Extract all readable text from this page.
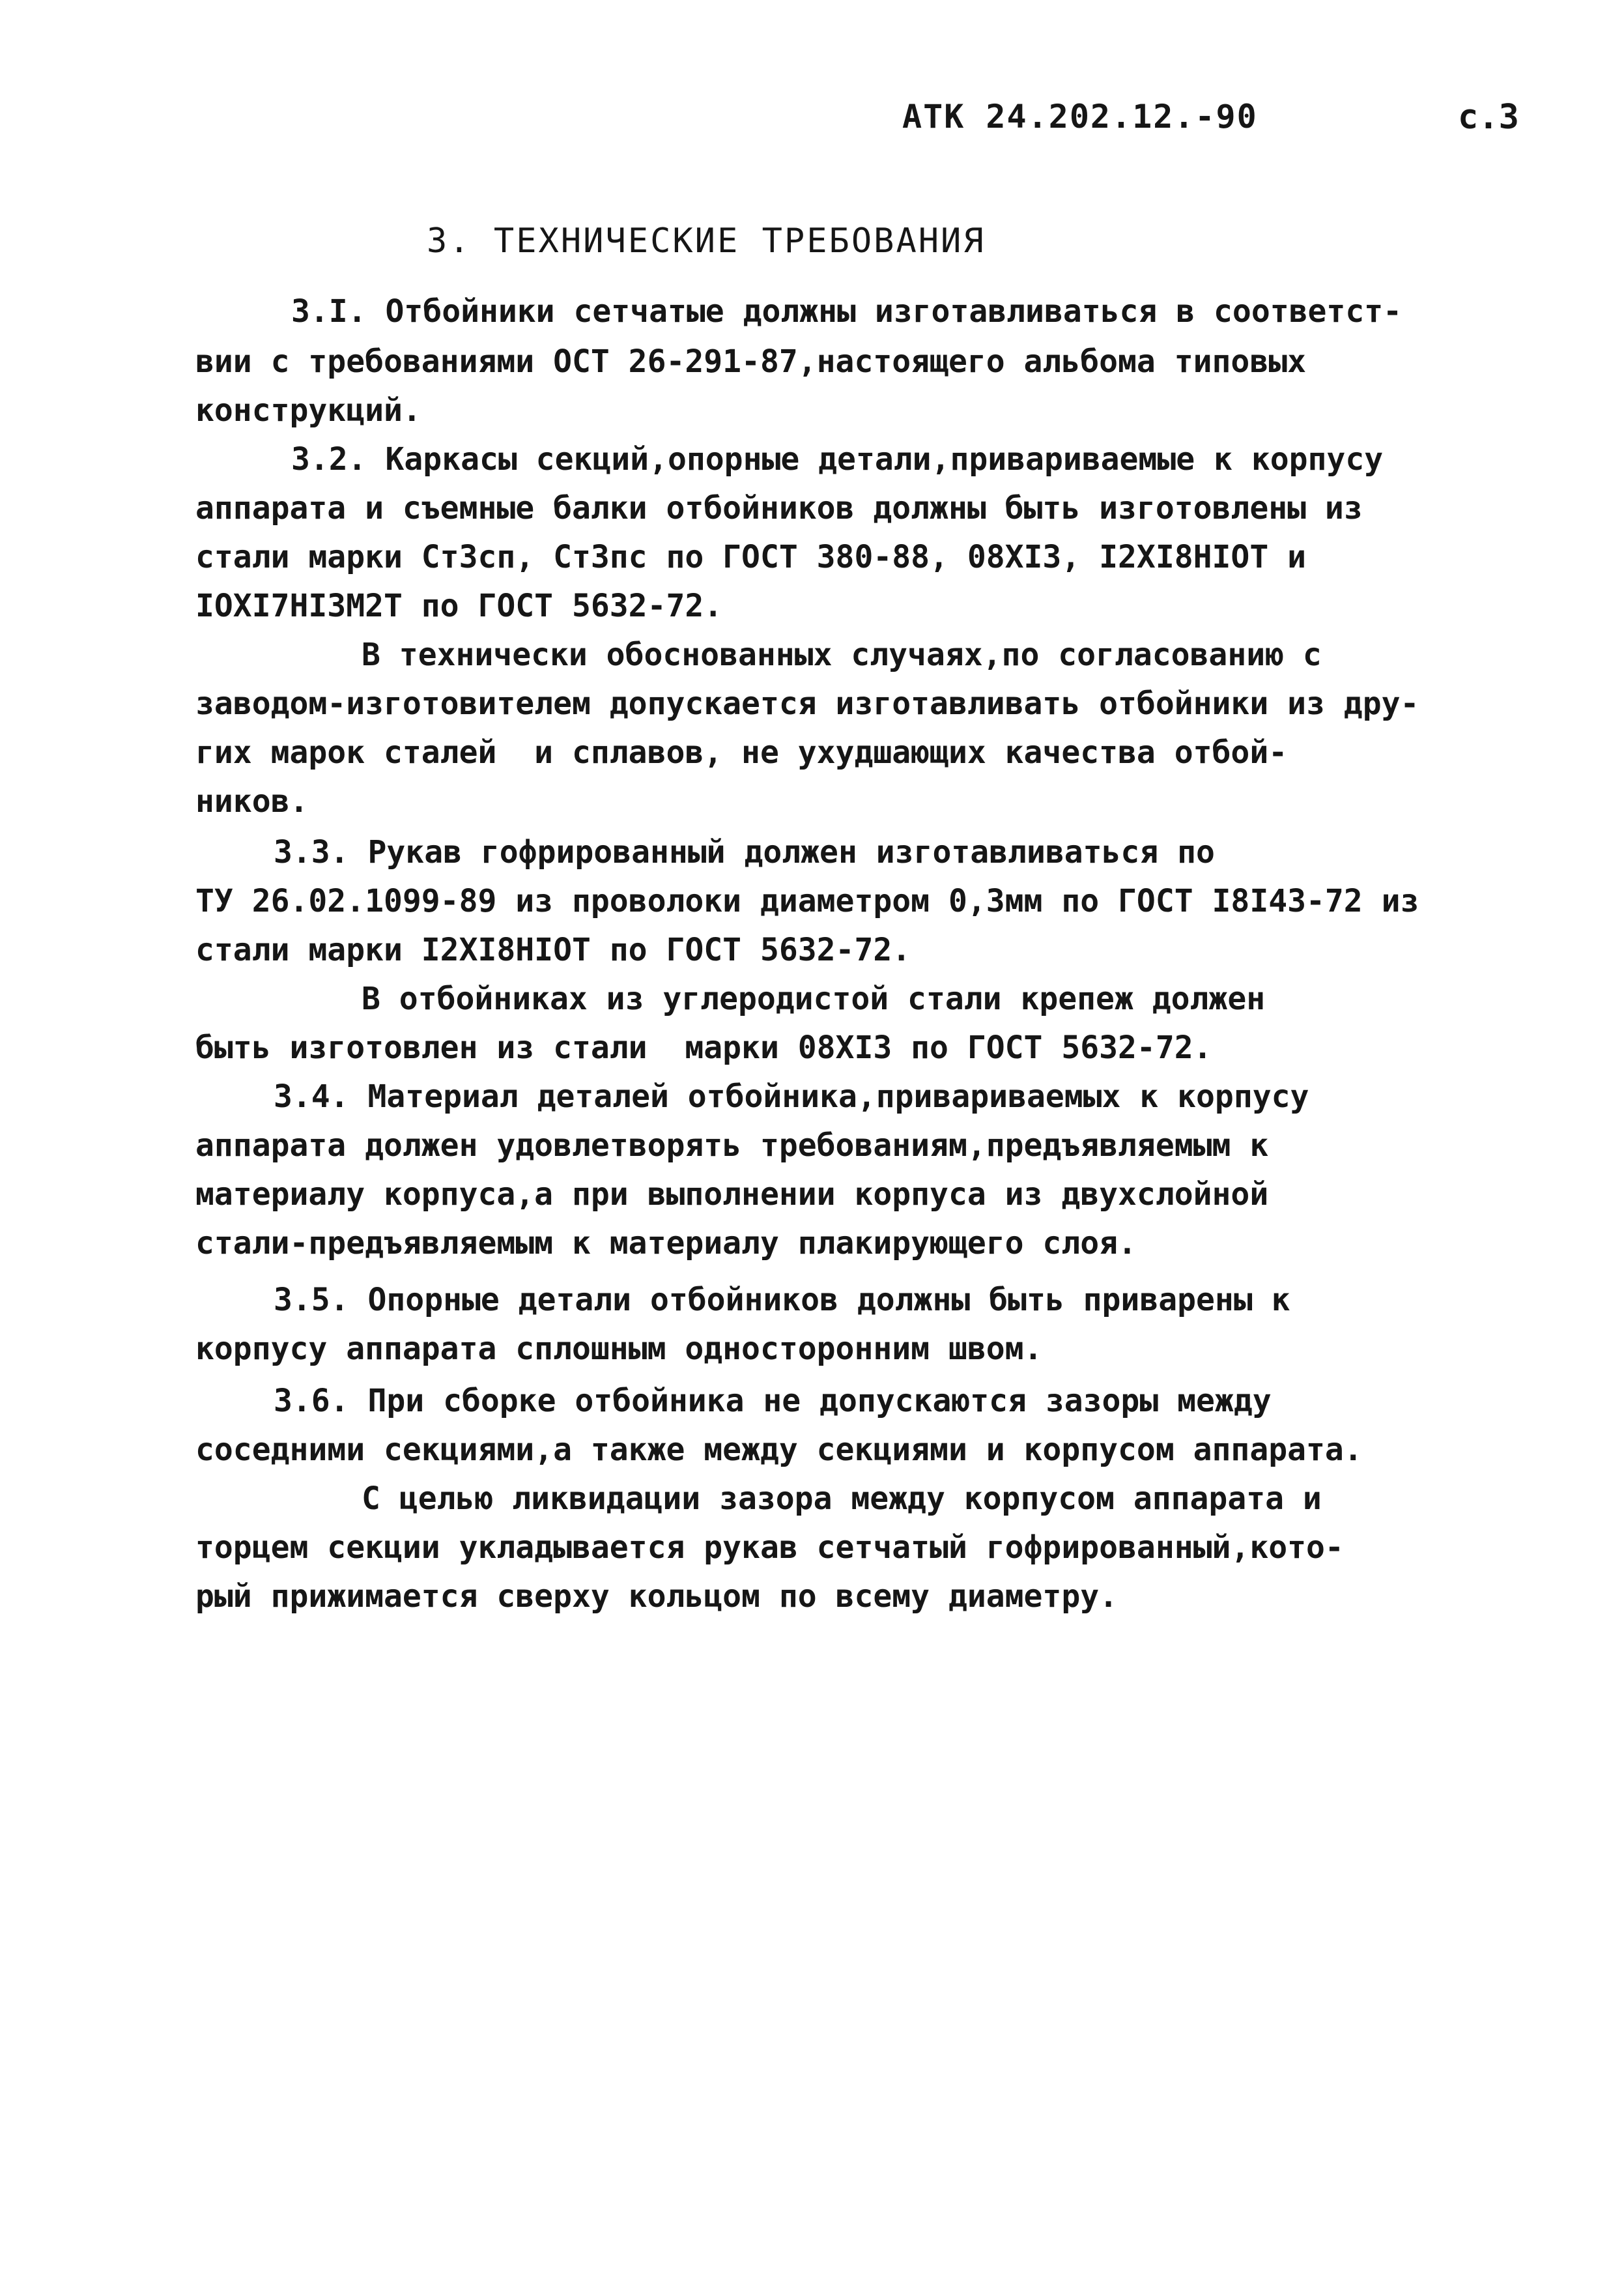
АТК 24.202.12.-90	с.3
3. ТЕХНИЧЕСКИЕ ТРЕБОВАНИЯ
3.I. Отбойники сетчатые должны изготавливаться в соответст-
вии с требованиями ОСТ 26-291-87,настоящего альбома типовых
конструкций.
3.2. Каркасы секций,опорные детали,привариваемые к корпусу
аппарата и съемные балки отбойников должны быть изготовлены из
стали марки Ст3сп, Ст3пс по ГОСТ 380-88, 08ХI3, I2ХI8НIОТ и
IОХI7НI3М2Т по ГОСТ 5632-72.
В технически обоснованных случаях,по согласованию с
заводом-изготовителем допускается изготавливать отбойники из дру-
гих марок сталей  и сплавов, не ухудшающих качества отбой-
ников.
3.3. Рукав гофрированный должен изготавливаться по
ТУ 26.02.1099-89 из проволоки диаметром 0,3мм по ГОСТ I8I43-72 из
стали марки I2ХI8НIОТ по ГОСТ 5632-72.
В отбойниках из углеродистой стали крепеж должен
быть изготовлен из стали  марки 08ХI3 по ГОСТ 5632-72.
3.4. Материал деталей отбойника,привариваемых к корпусу
аппарата должен удовлетворять требованиям,предъявляемым к
материалу корпуса,а при выполнении корпуса из двухслойной
стали-предъявляемым к материалу плакирующего слоя.
3.5. Опорные детали отбойников должны быть приварены к
корпусу аппарата сплошным односторонним швом.
3.6. При сборке отбойника не допускаются зазоры между
соседними секциями,а также между секциями и корпусом аппарата.
С целью ликвидации зазора между корпусом аппарата и
торцем секции укладывается рукав сетчатый гофрированный,кото-
рый прижимается сверху кольцом по всему диаметру.
